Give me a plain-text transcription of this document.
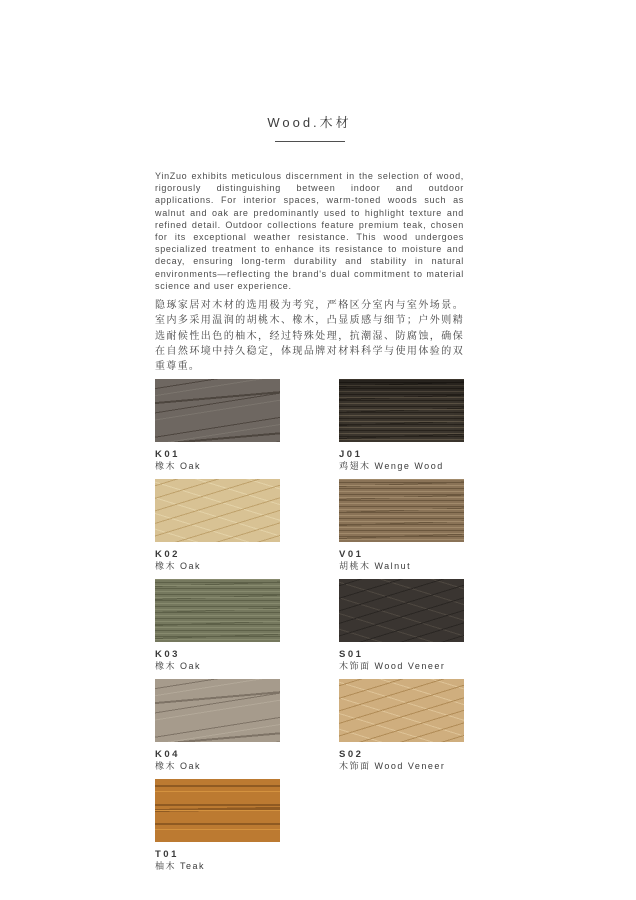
Wood.木材

YinZuo exhibits meticulous discernment in the selection of wood, rigorously distinguishing between indoor and outdoor applications. For interior spaces, warm-toned woods such as walnut and oak are predominantly used to highlight texture and refined detail. Outdoor collections feature premium teak, chosen for its exceptional weather resistance. This wood undergoes specialized treatment to enhance its resistance to moisture and decay, ensuring long-term durability and stability in natural environments—reflecting the brand's dual commitment to material science and user experience.

隐琢家居对木材的选用极为考究，严格区分室内与室外场景。室内多采用温润的胡桃木、橡木，凸显质感与细节；户外则精选耐候性出色的柚木，经过特殊处理，抗潮湿、防腐蚀，确保在自然环境中持久稳定，体现品牌对材料科学与使用体验的双重尊重。

K01
橡木 Oak
J01
鸡翅木 Wenge Wood
K02
橡木 Oak
V01
胡桃木 Walnut
K03
橡木 Oak
S01
木饰面 Wood Veneer
K04
橡木 Oak
S02
木饰面 Wood Veneer
T01
柚木 Teak
